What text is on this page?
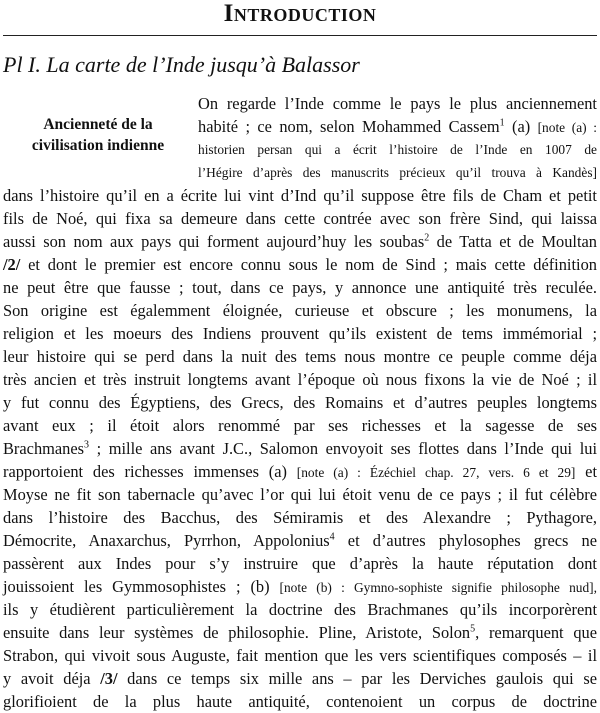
Introduction
Pl I. La carte de l’Inde jusqu’à Balassor
Ancienneté de la civilisation indienne
On regarde l’Inde comme le pays le plus anciennement
habité ; ce nom, selon Mohammed Cassem$^1$ (a) [note (a) :
historien persan qui a écrit l’histoire de l’Inde en 1007 de
l’Hégire d’après des manuscrits précieux qu’il trouva à Kandès]
dans l’histoire qu’il en a écrite lui vint d’Ind qu’il suppose être fils de Cham et petit
fils de Noé, qui fixa sa demeure dans cette contrée avec son frère Sind, qui laissa
aussi son nom aux pays qui forment aujourd’huy les soubas$^2$ de Tatta et de Moultan
/2/ et dont le premier est encore connu sous le nom de Sind ; mais cette définition
ne peut être que fausse ; tout, dans ce pays, y annonce une antiquité très reculée.
Son origine est égalemment éloignée, curieuse et obscure ; les monumens, la
religion et les moeurs des Indiens prouvent qu’ils existent de tems immémorial ;
leur histoire qui se perd dans la nuit des tems nous montre ce peuple comme déja
très ancien et très instruit longtems avant l’époque où nous fixons la vie de Noé ; il
y fut connu des Égyptiens, des Grecs, des Romains et d’autres peuples longtems
avant eux ; il étoit alors renommé par ses richesses et la sagesse de ses
Brachmanes$^3$ ; mille ans avant J.C., Salomon envoyoit ses flottes dans l’Inde qui lui
rapportoient des richesses immenses (a) [note (a) : Ézéchiel chap. 27, vers. 6 et 29] et
Moyse ne fit son tabernacle qu’avec l’or qui lui étoit venu de ce pays ; il fut célèbre
dans l’histoire des Bacchus, des Sémiramis et des Alexandre ; Pythagore,
Démocrite, Anaxarchus, Pyrrhon, Appolonius$^4$ et d’autres phylosophes grecs ne
passèrent aux Indes pour s’y instruire que d’après la haute réputation dont
jouissoient les Gymmosophistes ; (b) [note (b) : Gymno-sophiste signifie philosophe nud],
ils y étudièrent particulièrement la doctrine des Brachmanes qu’ils incorporèrent
ensuite dans leur systèmes de philosophie. Pline, Aristote, Solon$^5$, remarquent que
Strabon, qui vivoit sous Auguste, fait mention que les vers scientifiques composés – il
y avoit déja /3/ dans ce temps six mille ans – par les Derviches gaulois qui se
glorifioient de la plus haute antiquité, contenoient un corpus de doctrine
